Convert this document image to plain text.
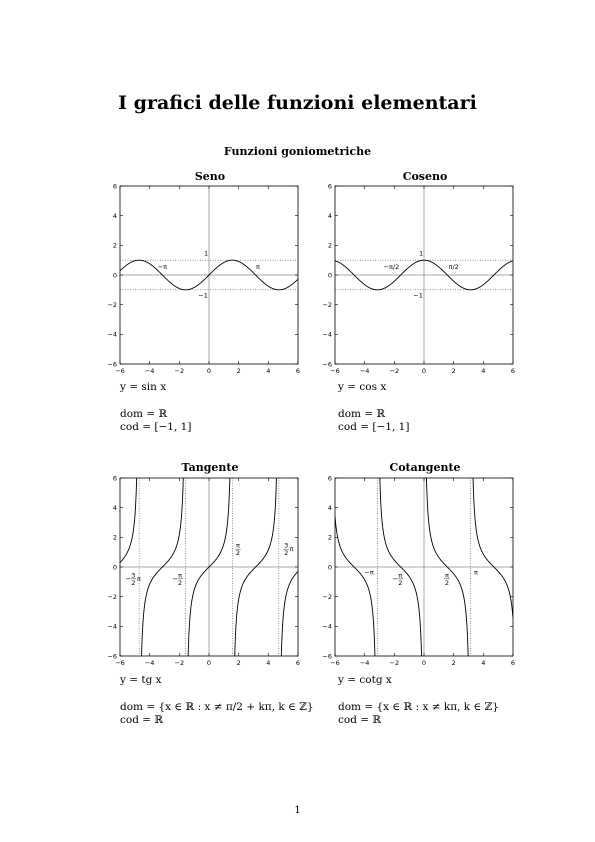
I grafici delle funzioni elementari
Funzioni goniometriche
Seno
−6	−4	−2	0	2	4	6
−6
−4
−2
0
2
4
6
1
−1
−π	π
y = sin x
dom = ℝ
cod = [−1, 1]
Coseno
−6	−4	−2	0	2	4	6
−6
−4
−2
0
2
4
6
1
−1
−π/2	π/2
y = cos x
dom = ℝ
cod = [−1, 1]
Tangente
−6	−4	−2	0	2	4	6
−6
−4
−2
0
2
4
6
π
2
3
2 π
− π
2
− 3
2 π
y = tg x
dom = {x ∈ ℝ : x ≠ π/2 + kπ, k ∈ ℤ}
cod = ℝ
Cotangente
−6	−4	−2	0	2	4	6
−6
−4
−2
0
2
4
6
−π	π
− π
2
π
2
y = cotg x
dom = {x ∈ ℝ : x ≠ kπ, k ∈ ℤ}
cod = ℝ
1
